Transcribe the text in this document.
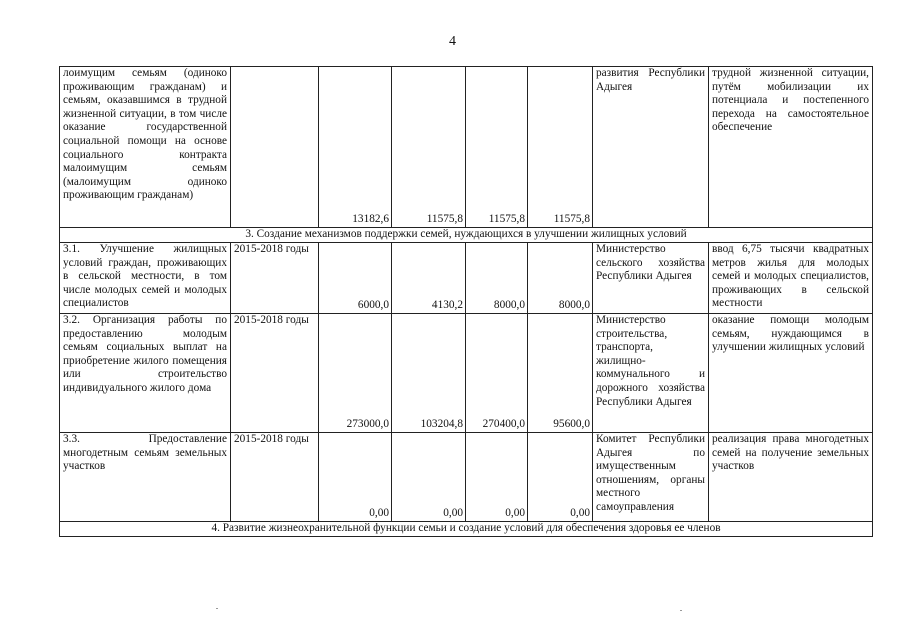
4
лоимущим семьям (одиноко проживающим гражданам) и семьям, оказавшимся в трудной жизненной ситуации, в том числе оказание государственной социальной помощи на основе социального контракта малоимущим семьям (малоимущим одиноко проживающим гражданам)		13182,6	11575,8	11575,8	11575,8	развития Республики Адыгея	трудной жизненной ситуации, путём мобилизации их потенциала и постепенного перехода на самостоятельное обеспечение
3. Создание механизмов поддержки семей, нуждающихся в улучшении жилищных условий							
3.1. Улучшение жилищных условий граждан, проживающих в сельской местности, в том числе молодых семей и молодых специалистов	2015-2018 годы	6000,0	4130,2	8000,0	8000,0	Министерство сельского хозяйства Республики Адыгея	ввод 6,75 тысячи квадратных метров жилья для молодых семей и молодых специалистов, проживающих в сельской местности
3.2. Организация работы по предоставлению молодым семьям социальных выплат на приобретение жилого помещения или строительство индивидуального жилого дома	2015-2018 годы	273000,0	103204,8	270400,0	95600,0	Министерство строительства, транспорта, жилищно-коммунального и дорожного хозяйства Республики Адыгея	оказание помощи молодым семьям, нуждающимся в улучшении жилищных условий
3.3. Предоставление многодетным семьям земельных участков	2015-2018 годы	0,00	0,00	0,00	0,00	Комитет Республики Адыгея по имущественным отношениям, органы местного самоуправления	реализация права многодетных семей на получение земельных участков
4. Развитие жизнеохранительной функции семьи и создание условий для обеспечения здоровья ее членов							
